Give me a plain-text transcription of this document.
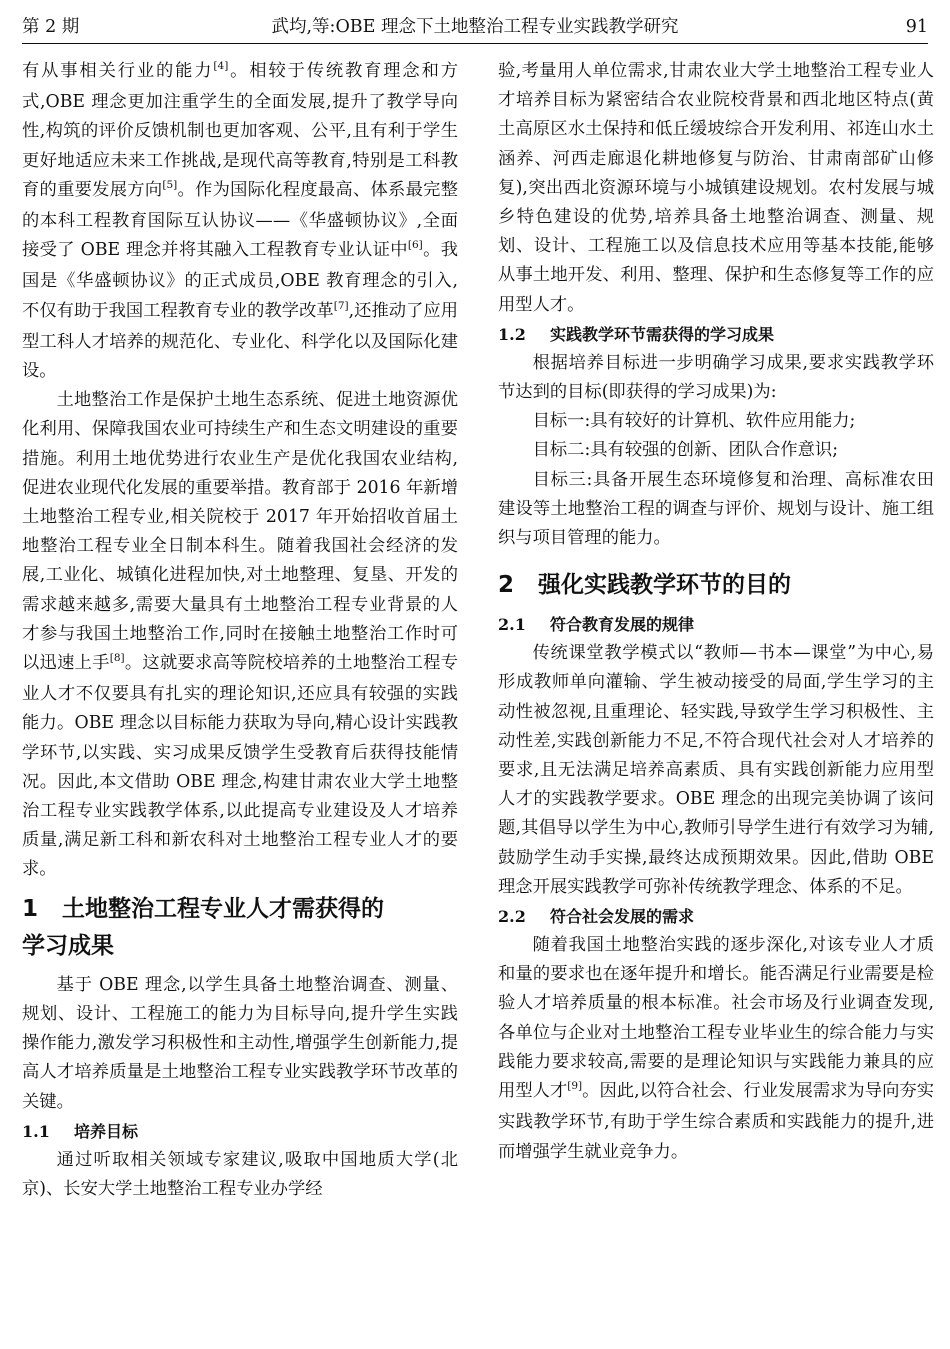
第 2 期	武均,等:OBE 理念下土地整治工程专业实践教学研究	91

有从事相关行业的能力[4]。相较于传统教育理念和方式,OBE 理念更加注重学生的全面发展,提升了教学导向性,构筑的评价反馈机制也更加客观、公平,且有利于学生更好地适应未来工作挑战,是现代高等教育,特别是工科教育的重要发展方向[5]。作为国际化程度最高、体系最完整的本科工程教育国际互认协议——《华盛顿协议》,全面接受了 OBE 理念并将其融入工程教育专业认证中[6]。我国是《华盛顿协议》的正式成员,OBE 教育理念的引入,不仅有助于我国工程教育专业的教学改革[7],还推动了应用型工科人才培养的规范化、专业化、科学化以及国际化建设。

土地整治工作是保护土地生态系统、促进土地资源优化利用、保障我国农业可持续生产和生态文明建设的重要措施。利用土地优势进行农业生产是优化我国农业结构,促进农业现代化发展的重要举措。教育部于 2016 年新增土地整治工程专业,相关院校于 2017 年开始招收首届土地整治工程专业全日制本科生。随着我国社会经济的发展,工业化、城镇化进程加快,对土地整理、复垦、开发的需求越来越多,需要大量具有土地整治工程专业背景的人才参与我国土地整治工作,同时在接触土地整治工作时可以迅速上手[8]。这就要求高等院校培养的土地整治工程专业人才不仅要具有扎实的理论知识,还应具有较强的实践能力。OBE 理念以目标能力获取为导向,精心设计实践教学环节,以实践、实习成果反馈学生受教育后获得技能情况。因此,本文借助 OBE 理念,构建甘肃农业大学土地整治工程专业实践教学体系,以此提高专业建设及人才培养质量,满足新工科和新农科对土地整治工程专业人才的要求。

1 土地整治工程专业人才需获得的
学习成果

基于 OBE 理念,以学生具备土地整治调查、测量、规划、设计、工程施工的能力为目标导向,提升学生实践操作能力,激发学习积极性和主动性,增强学生创新能力,提高人才培养质量是土地整治工程专业实践教学环节改革的关键。

1.1 培养目标

通过听取相关领域专家建议,吸取中国地质大学(北京)、长安大学土地整治工程专业办学经

验,考量用人单位需求,甘肃农业大学土地整治工程专业人才培养目标为紧密结合农业院校背景和西北地区特点(黄土高原区水土保持和低丘缓坡综合开发利用、祁连山水土涵养、河西走廊退化耕地修复与防治、甘肃南部矿山修复),突出西北资源环境与小城镇建设规划。农村发展与城乡特色建设的优势,培养具备土地整治调查、测量、规划、设计、工程施工以及信息技术应用等基本技能,能够从事土地开发、利用、整理、保护和生态修复等工作的应用型人才。

1.2 实践教学环节需获得的学习成果

根据培养目标进一步明确学习成果,要求实践教学环节达到的目标(即获得的学习成果)为:

目标一:具有较好的计算机、软件应用能力;

目标二:具有较强的创新、团队合作意识;

目标三:具备开展生态环境修复和治理、高标准农田建设等土地整治工程的调查与评价、规划与设计、施工组织与项目管理的能力。

2 强化实践教学环节的目的
2.1 符合教育发展的规律

传统课堂教学模式以“教师—书本—课堂”为中心,易形成教师单向灌输、学生被动接受的局面,学生学习的主动性被忽视,且重理论、轻实践,导致学生学习积极性、主动性差,实践创新能力不足,不符合现代社会对人才培养的要求,且无法满足培养高素质、具有实践创新能力应用型人才的实践教学要求。OBE 理念的出现完美协调了该问题,其倡导以学生为中心,教师引导学生进行有效学习为辅,鼓励学生动手实操,最终达成预期效果。因此,借助 OBE 理念开展实践教学可弥补传统教学理念、体系的不足。

2.2 符合社会发展的需求

随着我国土地整治实践的逐步深化,对该专业人才质和量的要求也在逐年提升和增长。能否满足行业需要是检验人才培养质量的根本标准。社会市场及行业调查发现,各单位与企业对土地整治工程专业毕业生的综合能力与实践能力要求较高,需要的是理论知识与实践能力兼具的应用型人才[9]。因此,以符合社会、行业发展需求为导向夯实实践教学环节,有助于学生综合素质和实践能力的提升,进而增强学生就业竞争力。
